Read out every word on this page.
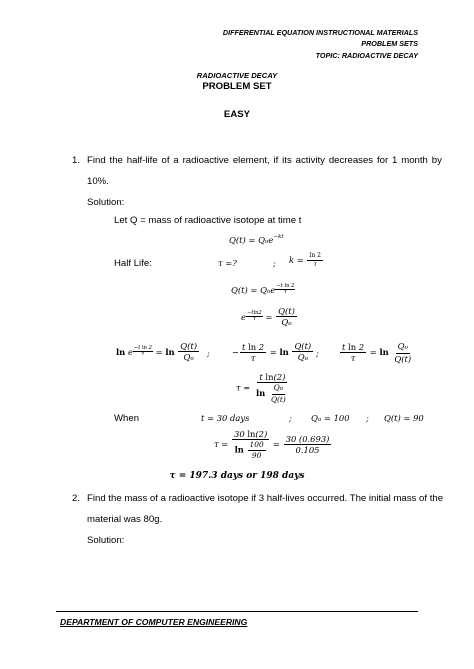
DIFFERENTIAL EQUATION INSTRUCTIONAL MATERIALS
PROBLEM SETS
TOPIC: RADIOACTIVE DECAY
RADIOACTIVE DECAY
PROBLEM SET
EASY
1. Find the half-life of a radioactive element, if its activity decreases for 1 month by
10%.
Solution:
Let Q = mass of radioactive isotope at time t
Q(t) = Qoe$^{-kt}$
Half Life:	τ =?	; $k = \frac{\ln 2}{\tau}$
Q(t) = Qoe $\frac{\text{−t ln 2}}{\tau}$
e $\frac{-tln2}{\tau} = \frac{Q(t)}{Qo}$
ln e $\frac{\text{−t ln 2}}{\tau} = \ln \frac{Q(t)}{Qo}$ ;	− $\frac{\text{t ln 2}}{\tau} = \ln \frac{Q(t)}{Qo}$ ;	$\frac{\text{t ln 2}}{\tau} = \ln \frac{Qo}{Q(t)}$
$\tau = \frac{\text{t ln(2)}}{\ln \frac{Qo}{Q(t)}}$
When	t = 30 days	; Qo = 100 ; Q(t) = 90
$\tau = \frac{30 \ln(2)}{\ln \frac{100}{90}} = \frac{30 (0.693)}{0.105}$
τ = 197.3 days or 198 days
2. Find the mass of a radioactive isotope if 3 half-lives occurred. The initial mass of the
material was 80g.
Solution:
DEPARTMENT OF COMPUTER ENGINEERING
